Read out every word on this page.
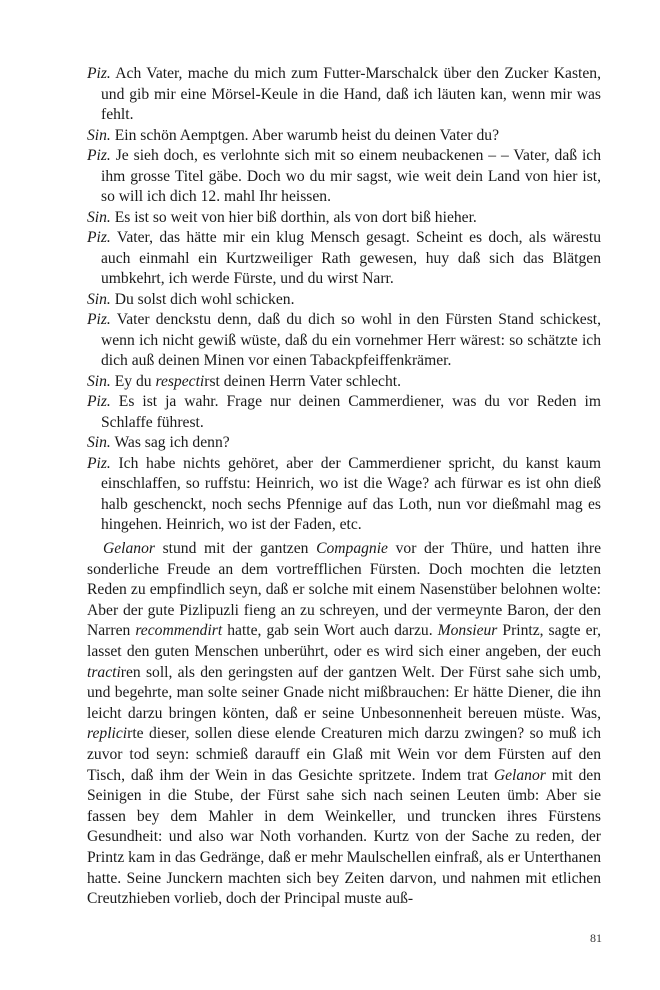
Piz. Ach Vater, mache du mich zum Futter-Marschalck über den Zucker Kasten, und gib mir eine Mörsel-Keule in die Hand, daß ich läuten kan, wenn mir was fehlt.
Sin. Ein schön Aemptgen. Aber warumb heist du deinen Vater du?
Piz. Je sieh doch, es verlohnte sich mit so einem neubackenen – – Vater, daß ich ihm grosse Titel gäbe. Doch wo du mir sagst, wie weit dein Land von hier ist, so will ich dich 12. mahl Ihr heissen.
Sin. Es ist so weit von hier biß dorthin, als von dort biß hieher.
Piz. Vater, das hätte mir ein klug Mensch gesagt. Scheint es doch, als wärestu auch einmahl ein Kurtzweiliger Rath gewesen, huy daß sich das Blätgen umbkehrt, ich werde Fürste, und du wirst Narr.
Sin. Du solst dich wohl schicken.
Piz. Vater denckstu denn, daß du dich so wohl in den Fürsten Stand schickest, wenn ich nicht gewiß wüste, daß du ein vornehmer Herr wärest: so schätzte ich dich auß deinen Minen vor einen Tabackpfeiffenkrämer.
Sin. Ey du respectirst deinen Herrn Vater schlecht.
Piz. Es ist ja wahr. Frage nur deinen Cammerdiener, was du vor Reden im Schlaffe führest.
Sin. Was sag ich denn?
Piz. Ich habe nichts gehöret, aber der Cammerdiener spricht, du kanst kaum einschlaffen, so ruffstu: Heinrich, wo ist die Wage? ach fürwar es ist ohn dieß halb geschenckt, noch sechs Pfennige auf das Loth, nun vor dießmahl mag es hingehen. Heinrich, wo ist der Faden, etc.

Gelanor stund mit der gantzen Compagnie vor der Thüre, und hatten ihre sonderliche Freude an dem vortrefflichen Fürsten. Doch mochten die letzten Reden zu empfindlich seyn, daß er solche mit einem Nasenstüber belohnen wolte: Aber der gute Pizlipuzli fieng an zu schreyen, und der vermeynte Baron, der den Narren recommendirt hatte, gab sein Wort auch darzu. Monsieur Printz, sagte er, lasset den guten Menschen unberührt, oder es wird sich einer angeben, der euch tractiren soll, als den geringsten auf der gantzen Welt. Der Fürst sahe sich umb, und begehrte, man solte seiner Gnade nicht mißbrauchen: Er hätte Diener, die ihn leicht darzu bringen könten, daß er seine Unbesonnenheit bereuen müste. Was, replicirte dieser, sollen diese elende Creaturen mich darzu zwingen? so muß ich zuvor tod seyn: schmieß darauff ein Glaß mit Wein vor dem Fürsten auf den Tisch, daß ihm der Wein in das Gesichte spritzete. Indem trat Gelanor mit den Seinigen in die Stube, der Fürst sahe sich nach seinen Leuten ümb: Aber sie fassen bey dem Mahler in dem Weinkeller, und truncken ihres Fürstens Gesundheit: und also war Noth vorhanden. Kurtz von der Sache zu reden, der Printz kam in das Gedränge, daß er mehr Maulschellen einfraß, als er Unterthanen hatte. Seine Junckern machten sich bey Zeiten darvon, und nahmen mit etlichen Creutzhieben vorlieb, doch der Principal muste auß-

81
